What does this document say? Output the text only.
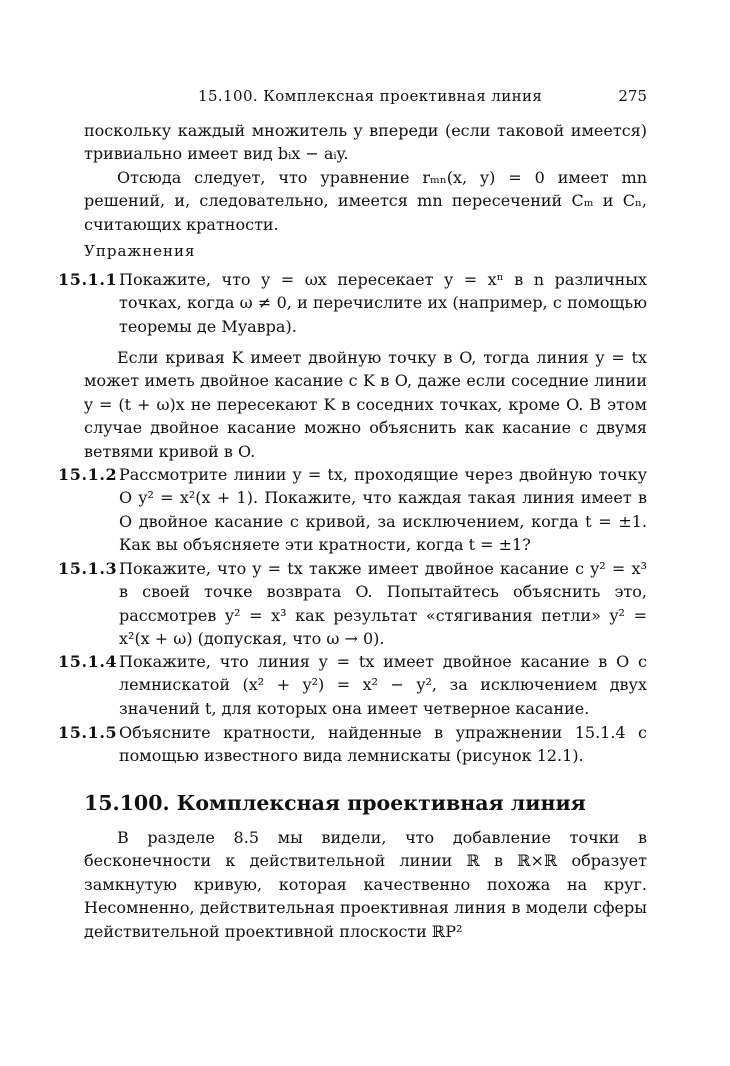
15.100. Комплексная проективная линия	275

поскольку каждый множитель y впереди (если таковой имеется) тривиально имеет вид bᵢx − aᵢy.

Отсюда следует, что уравнение rₘₙ(x, y) = 0 имеет mn решений, и, следовательно, имеется mn пересечений Cₘ и Cₙ, считающих кратности.

Упражнения

15.1.1 Покажите, что y = ωx пересекает y = xⁿ в n различных точках, когда ω ≠ 0, и перечислите их (например, с помощью теоремы де Муавра).

Если кривая K имеет двойную точку в O, тогда линия y = tx может иметь двойное касание с K в O, даже если соседние линии y = (t + ω)x не пересекают K в соседних точках, кроме O. В этом случае двойное касание можно объяснить как касание с двумя ветвями кривой в O.

15.1.2 Рассмотрите линии y = tx, проходящие через двойную точку O y² = x²(x + 1). Покажите, что каждая такая линия имеет в O двойное касание с кривой, за исключением, когда t = ±1. Как вы объясняете эти кратности, когда t = ±1?
15.1.3 Покажите, что y = tx также имеет двойное касание с y² = x³ в своей точке возврата O. Попытайтесь объяснить это, рассмотрев y² = x³ как результат «стягивания петли» y² = x²(x + ω) (допуская, что ω → 0).
15.1.4 Покажите, что линия y = tx имеет двойное касание в O с лемнискатой (x² + y²) = x² − y², за исключением двух значений t, для которых она имеет четверное касание.
15.1.5 Объясните кратности, найденные в упражнении 15.1.4 с помощью известного вида лемнискаты (рисунок 12.1).

15.100. Комплексная проективная линия

В разделе 8.5 мы видели, что добавление точки в бесконечности к действительной линии ℝ в ℝ×ℝ образует замкнутую кривую, которая качественно похожа на круг. Несомненно, действительная проективная линия в модели сферы действительной проективной плоскости ℝP²
